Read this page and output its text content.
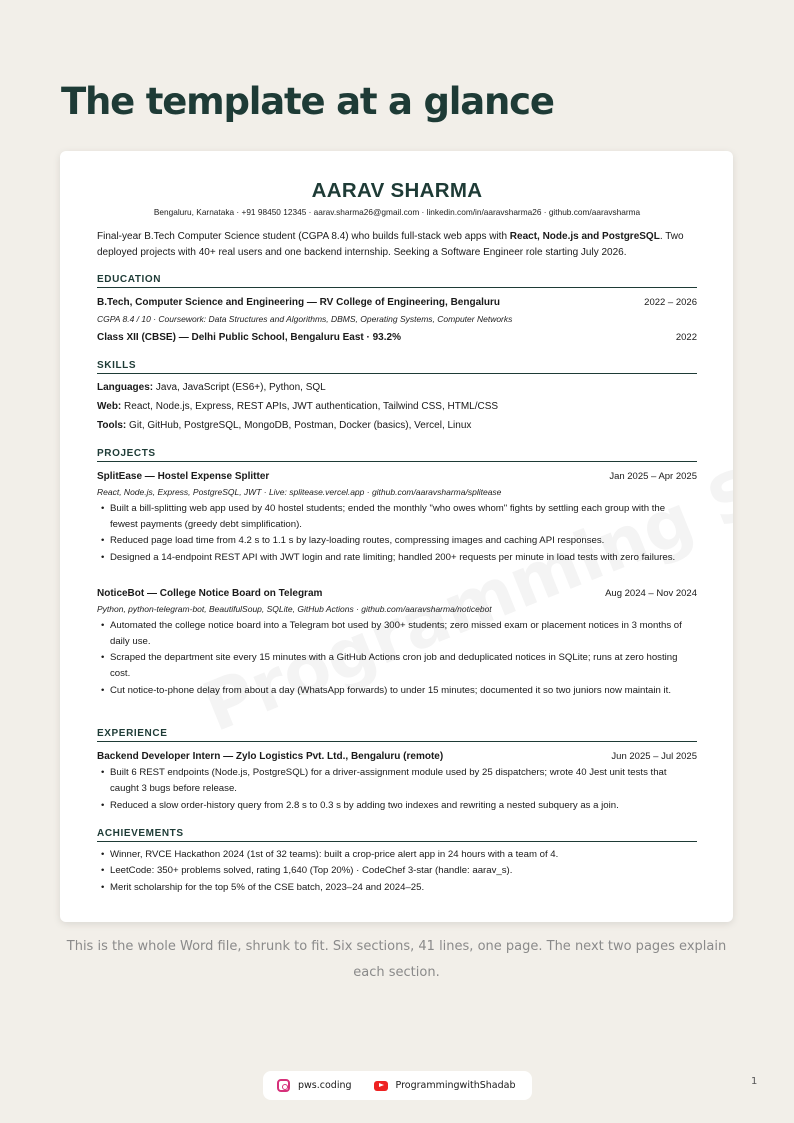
The template at a glance
AARAV SHARMA
Bengaluru, Karnataka · +91 98450 12345 · aarav.sharma26@gmail.com · linkedin.com/in/aaravsharma26 · github.com/aaravsharma
Final-year B.Tech Computer Science student (CGPA 8.4) who builds full-stack web apps with React, Node.js and PostgreSQL. Two deployed projects with 40+ real users and one backend internship. Seeking a Software Engineer role starting July 2026.
EDUCATION
B.Tech, Computer Science and Engineering — RV College of Engineering, Bengaluru	2022 – 2026
CGPA 8.4 / 10 · Coursework: Data Structures and Algorithms, DBMS, Operating Systems, Computer Networks
Class XII (CBSE) — Delhi Public School, Bengaluru East · 93.2%	2022
SKILLS
Languages: Java, JavaScript (ES6+), Python, SQL
Web: React, Node.js, Express, REST APIs, JWT authentication, Tailwind CSS, HTML/CSS
Tools: Git, GitHub, PostgreSQL, MongoDB, Postman, Docker (basics), Vercel, Linux
PROJECTS
SplitEase — Hostel Expense Splitter	Jan 2025 – Apr 2025
React, Node.js, Express, PostgreSQL, JWT · Live: splitease.vercel.app · github.com/aaravsharma/splitease
• Built a bill-splitting web app used by 40 hostel students; ended the monthly "who owes whom" fights by settling each group with the fewest payments (greedy debt simplification).
• Reduced page load time from 4.2 s to 1.1 s by lazy-loading routes, compressing images and caching API responses.
• Designed a 14-endpoint REST API with JWT login and rate limiting; handled 200+ requests per minute in load tests with zero failures.
NoticeBot — College Notice Board on Telegram	Aug 2024 – Nov 2024
Python, python-telegram-bot, BeautifulSoup, SQLite, GitHub Actions · github.com/aaravsharma/noticebot
• Automated the college notice board into a Telegram bot used by 300+ students; zero missed exam or placement notices in 3 months of daily use.
• Scraped the department site every 15 minutes with a GitHub Actions cron job and deduplicated notices in SQLite; runs at zero hosting cost.
• Cut notice-to-phone delay from about a day (WhatsApp forwards) to under 15 minutes; documented it so two juniors now maintain it.
EXPERIENCE
Backend Developer Intern — Zylo Logistics Pvt. Ltd., Bengaluru (remote)	Jun 2025 – Jul 2025
• Built 6 REST endpoints (Node.js, PostgreSQL) for a driver-assignment module used by 25 dispatchers; wrote 40 Jest unit tests that caught 3 bugs before release.
• Reduced a slow order-history query from 2.8 s to 0.3 s by adding two indexes and rewriting a nested subquery as a join.
ACHIEVEMENTS
• Winner, RVCE Hackathon 2024 (1st of 32 teams): built a crop-price alert app in 24 hours with a team of 4.
• LeetCode: 350+ problems solved, rating 1,640 (Top 20%) · CodeChef 3-star (handle: aarav_s).
• Merit scholarship for the top 5% of the CSE batch, 2023–24 and 2024–25.

This is the whole Word file, shrunk to fit. Six sections, 41 lines, one page. The next two pages explain each section.

pws.coding	ProgrammingwithShadab	1
